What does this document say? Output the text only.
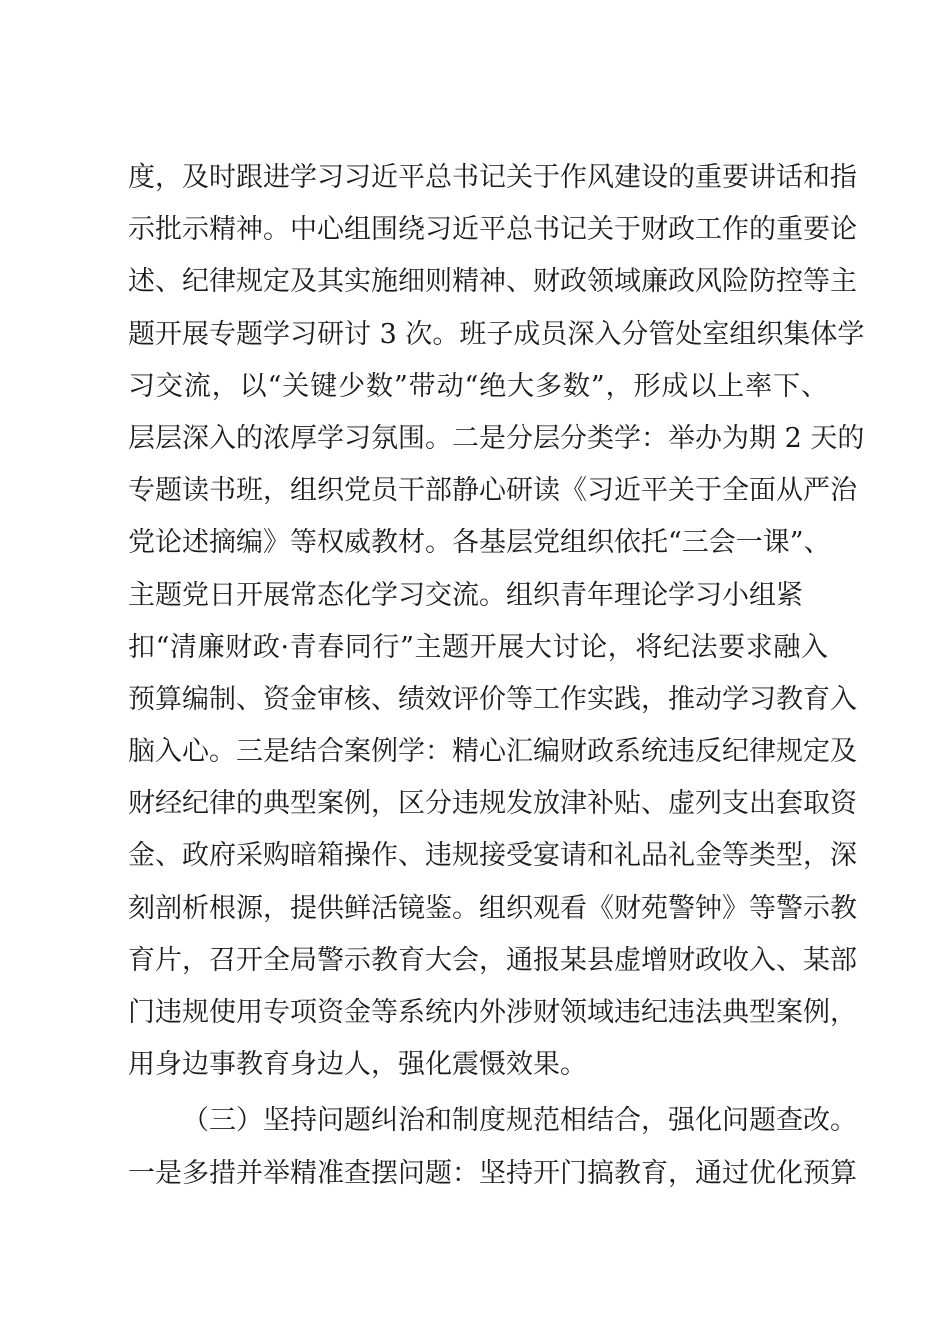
度，及时跟进学习习近平总书记关于作风建设的重要讲话和指
示批示精神。中心组围绕习近平总书记关于财政工作的重要论
述、纪律规定及其实施细则精神、财政领域廉政风险防控等主
题开展专题学习研讨 3 次。班子成员深入分管处室组织集体学
习交流，以“关键少数”带动“绝大多数”，形成以上率下、
层层深入的浓厚学习氛围。二是分层分类学：举办为期 2 天的
专题读书班，组织党员干部静心研读《习近平关于全面从严治
党论述摘编》等权威教材。各基层党组织依托“三会一课”、
主题党日开展常态化学习交流。组织青年理论学习小组紧
扣“清廉财政·青春同行”主题开展大讨论，将纪法要求融入
预算编制、资金审核、绩效评价等工作实践，推动学习教育入
脑入心。三是结合案例学：精心汇编财政系统违反纪律规定及
财经纪律的典型案例，区分违规发放津补贴、虚列支出套取资
金、政府采购暗箱操作、违规接受宴请和礼品礼金等类型，深
刻剖析根源，提供鲜活镜鉴。组织观看《财苑警钟》等警示教
育片，召开全局警示教育大会，通报某县虚增财政收入、某部
门违规使用专项资金等系统内外涉财领域违纪违法典型案例，
用身边事教育身边人，强化震慑效果。
（三）坚持问题纠治和制度规范相结合，强化问题查改。
一是多措并举精准查摆问题：坚持开门搞教育，通过优化预算
